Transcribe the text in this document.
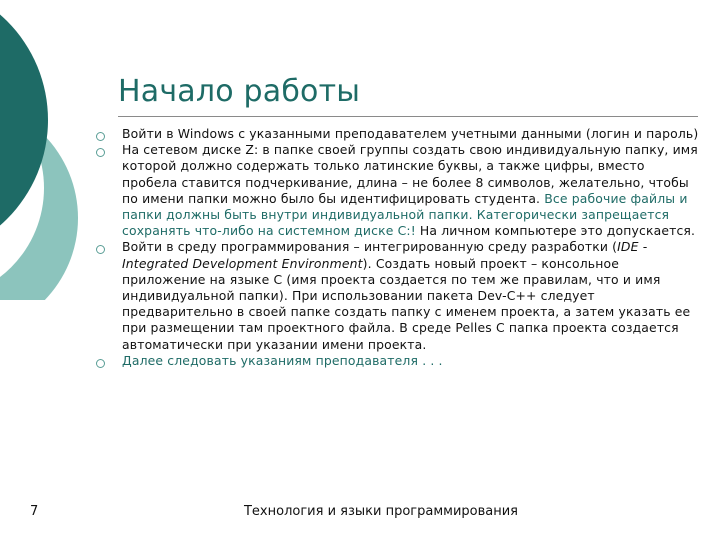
Начало работы
Войти в Windows с указанными преподавателем учетными данными (логин и пароль)
На сетевом диске Z: в папке своей группы создать свою индивидуальную папку, имя которой должно содержать только латинские буквы, а также цифры, вместо пробела ставится подчеркивание, длина – не более 8 символов, желательно, чтобы по имени папки можно было бы идентифицировать студента. Все рабочие файлы и папки должны быть внутри индивидуальной папки. Категорически запрещается сохранять что-либо на системном диске С:! На личном компьютере это допускается.
Войти в среду программирования – интегрированную среду разработки (IDE - Integrated Development Environment). Создать новый проект – консольное приложение на языке С (имя проекта создается по тем же правилам, что и имя индивидуальной папки). При использовании пакета Dev-C++ следует предварительно в своей папке создать папку с именем проекта, а затем указать ее при размещении там проектного файла. В среде Pelles C папка проекта создается автоматически при указании имени проекта.
Далее следовать указаниям преподавателя . . .
7	Технология и языки программирования
